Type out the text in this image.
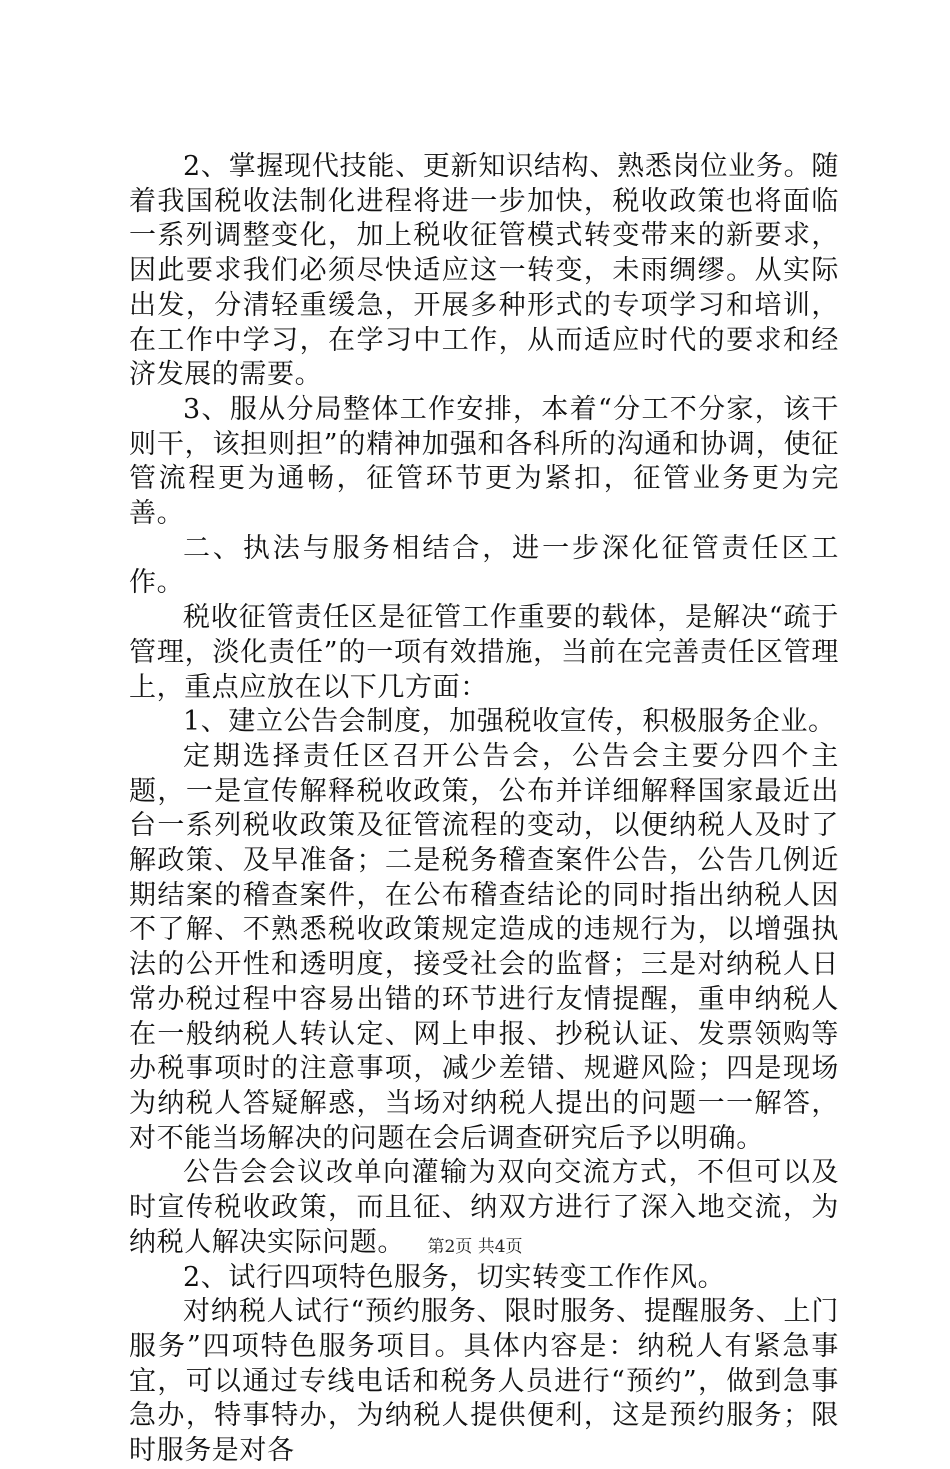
2、掌握现代技能、更新知识结构、熟悉岗位业务。随着我国税收法制化进程将进一步加快，税收政策也将面临一系列调整变化，加上税收征管模式转变带来的新要求，因此要求我们必须尽快适应这一转变，未雨绸缪。从实际出发，分清轻重缓急，开展多种形式的专项学习和培训，在工作中学习，在学习中工作，从而适应时代的要求和经济发展的需要。

3、服从分局整体工作安排，本着“分工不分家，该干则干，该担则担”的精神加强和各科所的沟通和协调，使征管流程更为通畅，征管环节更为紧扣，征管业务更为完善。

二、执法与服务相结合，进一步深化征管责任区工作。

税收征管责任区是征管工作重要的载体，是解决“疏于管理，淡化责任”的一项有效措施，当前在完善责任区管理上，重点应放在以下几方面：

1、建立公告会制度，加强税收宣传，积极服务企业。

定期选择责任区召开公告会，公告会主要分四个主题，一是宣传解释税收政策，公布并详细解释国家最近出台一系列税收政策及征管流程的变动，以便纳税人及时了解政策、及早准备；二是税务稽查案件公告，公告几例近期结案的稽查案件，在公布稽查结论的同时指出纳税人因不了解、不熟悉税收政策规定造成的违规行为，以增强执法的公开性和透明度，接受社会的监督；三是对纳税人日常办税过程中容易出错的环节进行友情提醒，重申纳税人在一般纳税人转认定、网上申报、抄税认证、发票领购等办税事项时的注意事项，减少差错、规避风险；四是现场为纳税人答疑解惑，当场对纳税人提出的问题一一解答，对不能当场解决的问题在会后调查研究后予以明确。

公告会会议改单向灌输为双向交流方式，不但可以及时宣传税收政策，而且征、纳双方进行了深入地交流，为纳税人解决实际问题。

2、试行四项特色服务，切实转变工作作风。

对纳税人试行“预约服务、限时服务、提醒服务、上门服务”四项特色服务项目。具体内容是：纳税人有紧急事宜，可以通过专线电话和税务人员进行“预约”，做到急事急办，特事特办，为纳税人提供便利，这是预约服务；限时服务是对各

第2页 共4页
